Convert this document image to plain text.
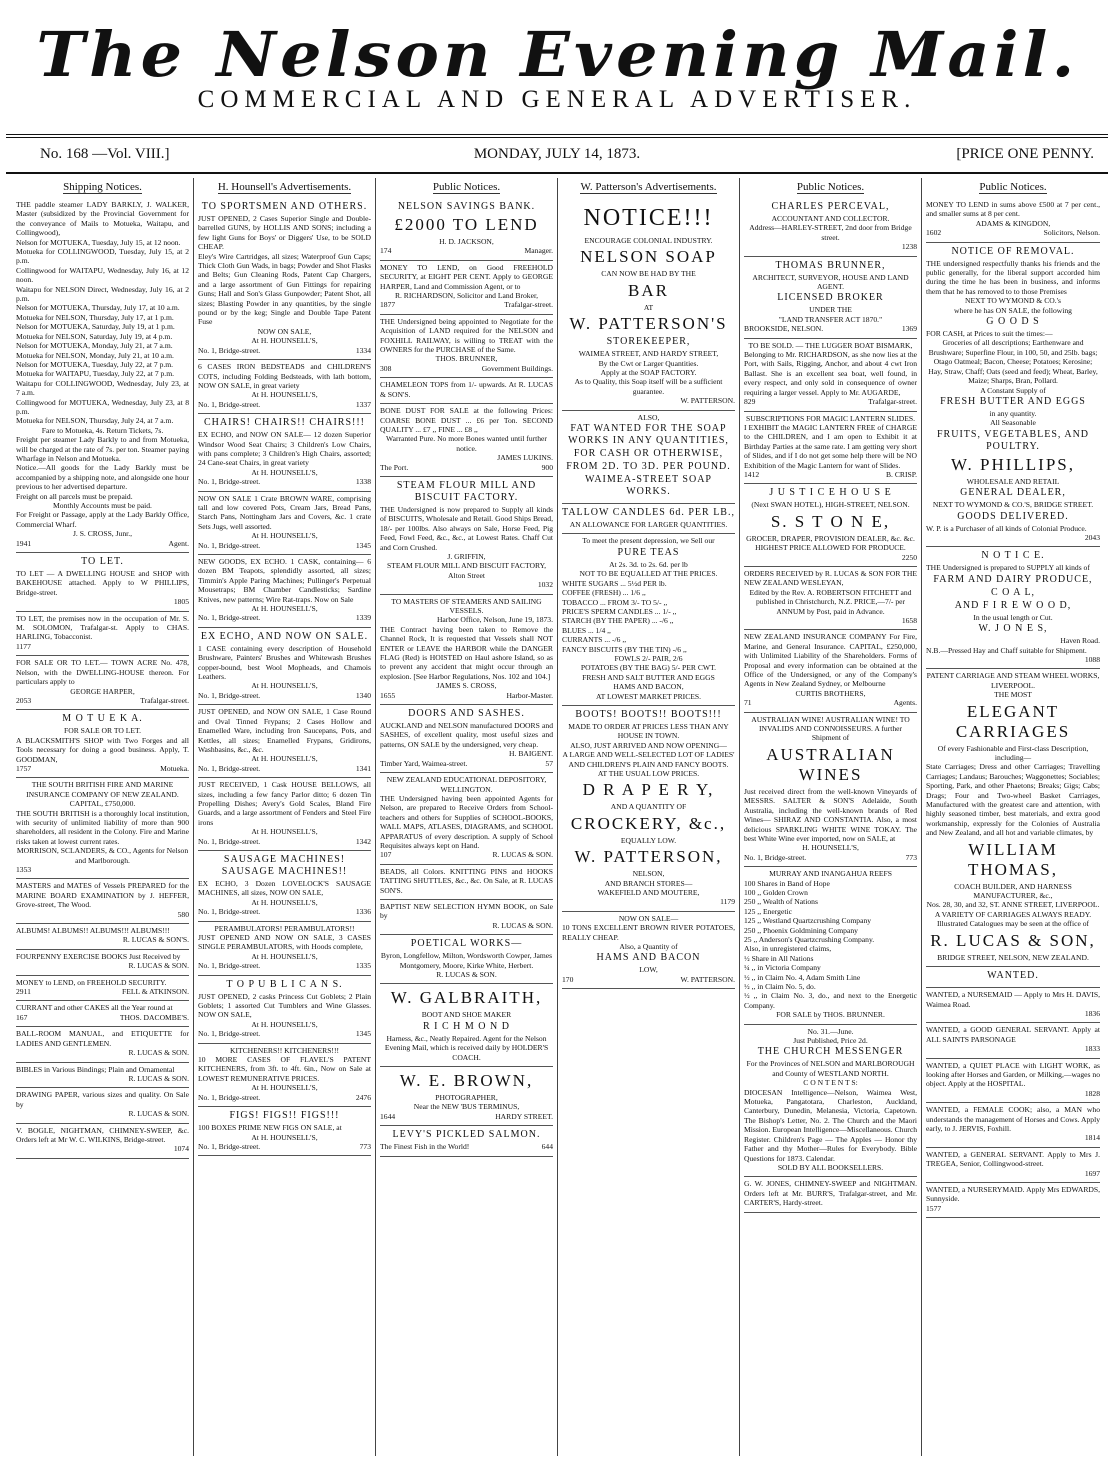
The Nelson Evening Mail.
COMMERCIAL AND GENERAL ADVERTISER.
No. 168 —Vol. VIII.]	MONDAY, JULY 14, 1873.	[PRICE ONE PENNY.
Shipping Notices.

THE paddle steamer LADY BARKLY, J. WALKER, Master (subsidized by the Provincial Government for the conveyance of Mails to Motueka, Waitapu, and Collingwood),

Nelson for MOTUEKA, Tuesday, July 15, at 12 noon.

Motueka for COLLINGWOOD, Tuesday, July 15, at 2 p.m.

Collingwood for WAITAPU, Wednesday, July 16, at 12 noon.

Waitapu for NELSON Direct, Wednesday, July 16, at 2 p.m.

Nelson for MOTUEKA, Thursday, July 17, at 10 a.m.

Motueka for NELSON, Thursday, July 17, at 1 p.m.

Nelson for MOTUEKA, Saturday, July 19, at 1 p.m.

Motueka for NELSON, Saturday, July 19, at 4 p.m.

Nelson for MOTUEKA, Monday, July 21, at 7 a.m.

Motueka for NELSON, Monday, July 21, at 10 a.m.

Nelson for MOTUEKA, Tuesday, July 22, at 7 p.m.

Motueka for WAITAPU, Tuesday, July 22, at 7 p.m.

Waitapu for COLLINGWOOD, Wednesday, July 23, at 7 a.m.

Collingwood for MOTUEKA, Wednesday, July 23, at 8 p.m.

Motueka for NELSON, Thursday, July 24, at 7 a.m.

Fare to Motueka, 4s. Return Tickets, 7s.

Freight per steamer Lady Barkly to and from Motueka, will be charged at the rate of 7s. per ton. Steamer paying Wharfage in Nelson and Motueka.

Notice.—All goods for the Lady Barkly must be accompanied by a shipping note, and alongside one hour previous to her advertised departure.

Freight on all parcels must be prepaid.

Monthly Accounts must be paid.

For Freight or Passage, apply at the Lady Barkly Office, Commercial Wharf.

J. S. CROSS, Junr.,

1941	Agent.
TO LET.

TO LET — A DWELLING HOUSE and SHOP with BAKEHOUSE attached. Apply to W PHILLIPS, Bridge-street.

1805

TO LET, the premises now in the occupation of Mr. S. M. SOLOMON, Trafalgar-st. Apply to CHAS. HARLING, Tobacconist.

1177

FOR SALE OR TO LET.— TOWN ACRE No. 478, Nelson, with the DWELLING-HOUSE thereon. For particulars apply to

GEORGE HARPER,

2053	Trafalgar-street.
M O T U E K A.

FOR SALE OR TO LET.

A BLACKSMITH'S SHOP with Two Forges and all Tools necessary for doing a good business. Apply, T. GOODMAN,

1757	Motueka.

THE SOUTH BRITISH FIRE AND MARINE INSURANCE COMPANY OF NEW ZEALAND.

CAPITAL, £750,000.

THE SOUTH BRITISH is a thoroughly local institution, with security of unlimited liability of more than 900 shareholders, all resident in the Colony. Fire and Marine risks taken at lowest current rates.

MORRISON, SCLANDERS, & CO., Agents for Nelson and Marlborough.

1353

MASTERS and MATES of Vessels PREPARED for the MARINE BOARD EXAMINATION by J. HEFFER, Grove-street, The Wood.

580

ALBUMS! ALBUMS!! ALBUMS!!! ALBUMS!!!

R. LUCAS & SON'S.

FOURPENNY EXERCISE BOOKS Just Received by

R. LUCAS & SON.

MONEY to LEND, on FREEHOLD SECURITY.

2911	FELL & ATKINSON.

CURRANT and other CAKES all the Year round at

167	THOS. DACOMBE'S.

BALL-ROOM MANUAL, and ETIQUETTE for LADIES AND GENTLEMEN.

R. LUCAS & SON.

BIBLES in Various Bindings; Plain and Ornamental

R. LUCAS & SON.

DRAWING PAPER, various sizes and quality. On Sale by

R. LUCAS & SON.

V. BOGLE, NIGHTMAN, CHIMNEY-SWEEP, &c. Orders left at Mr W. C. WILKINS, Bridge-street.

1074

H. Hounsell's Advertisements.
TO SPORTSMEN AND OTHERS.

JUST OPENED, 2 Cases Superior Single and Double-barrelled GUNS, by HOLLIS AND SONS; including a few light Guns for Boys' or Diggers' Use, to be SOLD CHEAP.

Eley's Wire Cartridges, all sizes; Waterproof Gun Caps; Thick Cloth Gun Wads, in bags; Powder and Shot Flasks and Belts; Gun Cleaning Rods, Patent Cap Chargers, and a large assortment of Gun Fittings for repairing Guns; Hall and Son's Glass Gunpowder; Patent Shot, all sizes; Blasting Powder in any quantities, by the single pound or by the keg; Single and Double Tape Patent Fuse

NOW ON SALE,

At H. HOUNSELL'S,

No. 1, Bridge-street.	1334

6 CASES IRON BEDSTEADS and CHILDREN'S COTS, including Folding Bedsteads, with lath bottom, NOW ON SALE, in great variety

At H. HOUNSELL'S,

No. 1, Bridge-street.	1337
CHAIRS! CHAIRS!! CHAIRS!!!

EX ECHO, and NOW ON SALE— 12 dozen Superior Windsor Wood Seat Chairs; 3 Children's Low Chairs, with pans complete; 3 Children's High Chairs, assorted; 24 Cane-seat Chairs, in great variety

At H. HOUNSELL'S,

No. 1, Bridge-street.	1338

NOW ON SALE 1 Crate BROWN WARE, comprising tall and low covered Pots, Cream Jars, Bread Pans, Starch Pans, Nottingham Jars and Covers, &c. 1 crate Sets Jugs, well assorted.

At H. HOUNSELL'S,

No. 1, Bridge-street.	1345

NEW GOODS, EX ECHO. 1 CASK, containing— 6 dozen BM Teapots, splendidly assorted, all sizes; Timmin's Apple Paring Machines; Pullinger's Perpetual Mousetraps; BM Chamber Candlesticks; Sardine Knives, new patterns; Wire Rat-traps. Now on Sale

At H. HOUNSELL'S,

No. 1, Bridge-street.	1339
EX ECHO, AND NOW ON SALE.

1 CASE containing every description of Household Brushware, Painters' Brushes and Whitewash Brushes copper-bound, best Wool Mopheads, and Chamois Leathers.

At H. HOUNSELL'S,

No. 1, Bridge-street.	1340

JUST OPENED, and NOW ON SALE, 1 Case Round and Oval Tinned Frypans; 2 Cases Hollow and Enamelled Ware, including Iron Saucepans, Pots, and Kettles, all sizes; Enamelled Frypans, Gridirons, Washbasins, &c., &c.

At H. HOUNSELL'S,

No. 1, Bridge-street.	1341

JUST RECEIVED, 1 Cask HOUSE BELLOWS, all sizes, including a few fancy Parlor ditto; 6 dozen Tin Propelling Dishes; Avery's Gold Scales, Bland Fire Guards, and a large assortment of Fenders and Steel Fire irons

At H. HOUNSELL'S,

No. 1, Bridge-street.	1342
SAUSAGE MACHINES! SAUSAGE MACHINES!!

EX ECHO, 3 Dozen LOVELOCK'S SAUSAGE MACHINES, all sizes, NOW ON SALE,

At H. HOUNSELL'S,

No. 1, Bridge-street.	1336

PERAMBULATORS! PERAMBULATORS!!

JUST OPENED AND NOW ON SALE, 3 CASES SINGLE PERAMBULATORS, with Hoods complete,

At H. HOUNSELL'S,

No. 1, Bridge-street.	1335
T O P U B L I C A N S.

JUST OPENED, 2 casks Princess Cut Goblets; 2 Plain Goblets; 1 assorted Cut Tumblers and Wine Glasses. NOW ON SALE,

At H. HOUNSELL'S,

No. 1, Bridge-street.	1345

KITCHENERS!! KITCHENERS!!!

10 MORE CASES OF FLAVEL'S PATENT KITCHENERS, from 3ft. to 4ft. 6in., Now on Sale at LOWEST REMUNERATIVE PRICES.

At H. HOUNSELL'S,

No. 1, Bridge-street.	2476
FIGS! FIGS!! FIGS!!!

100 BOXES PRIME NEW FIGS ON SALE, at

At H. HOUNSELL'S,

No. 1, Bridge-street.	773
Public Notices.
NELSON SAVINGS BANK.
£2000 TO LEND

H. D. JACKSON,

174	Manager.

MONEY TO LEND, on Good FREEHOLD SECURITY, at EIGHT PER CENT. Apply to GEORGE HARPER, Land and Commission Agent, or to

R. RICHARDSON, Solicitor and Land Broker,

1877	Trafalgar-street.

THE Undersigned being appointed to Negotiate for the Acquisition of LAND required for the NELSON and FOXHILL RAILWAY, is willing to TREAT with the OWNERS for the PURCHASE of the Same.

THOS. BRUNNER,

308	Government Buildings.

CHAMELEON TOPS from 1/- upwards. At R. LUCAS & SON'S.

BONE DUST FOR SALE at the following Prices: COARSE BONE DUST ... £6 per Ton. SECOND QUALITY ... £7 ,, FINE ... £8 ,,

Warranted Pure. No more Bones wanted until further notice.

JAMES LUKINS.

The Port.	900
STEAM FLOUR MILL AND BISCUIT FACTORY.

THE Undersigned is now prepared to Supply all kinds of BISCUITS, Wholesale and Retail. Good Ships Bread, 18/- per 100lbs. Also always on Sale, Horse Feed, Pig Feed, Fowl Feed, &c., &c., at Lowest Rates. Chaff Cut and Corn Crushed.

J. GRIFFIN,

STEAM FLOUR MILL AND BISCUIT FACTORY, Alton Street

1032

TO MASTERS OF STEAMERS AND SAILING VESSELS.

Harbor Office, Nelson, June 19, 1873.

THE Contract having been taken to Remove the Channel Rock, It is requested that Vessels shall NOT ENTER or LEAVE the HARBOR while the DANGER FLAG (Red) is HOISTED on Haul ashore Island, so as to prevent any accident that might occur through an explosion. [See Harbor Regulations, Nos. 102 and 104.]

JAMES S. CROSS,

1655	Harbor-Master.
DOORS AND SASHES.

AUCKLAND and NELSON manufactured DOORS and SASHES, of excellent quality, most useful sizes and patterns, ON SALE by the undersigned, very cheap.

H. BAIGENT.

Timber Yard, Waimea-street.	57

NEW ZEALAND EDUCATIONAL DEPOSITORY, WELLINGTON.

THE Undersigned having been appointed Agents for Nelson, are prepared to Receive Orders from School-teachers and others for Supplies of SCHOOL-BOOKS, WALL MAPS, ATLASES, DIAGRAMS, and SCHOOL APPARATUS of every description. A supply of School Requisites always kept on Hand.

107	R. LUCAS & SON.

BEADS, all Colors. KNITTING PINS and HOOKS TATTING SHUTTLES, &c., &c. On Sale, at R. LUCAS SON'S.

BAPTIST NEW SELECTION HYMN BOOK, on Sale by

R. LUCAS & SON.

POETICAL WORKS—

Byron, Longfellow, Milton, Wordsworth Cowper, James Montgomery, Moore, Kirke White, Herbert.

R. LUCAS & SON.

W. GALBRAITH,

BOOT AND SHOE MAKER

R I C H M O N D

Harness, &c., Neatly Repaired. Agent for the Nelson Evening Mail, which is received daily by HOLDER'S COACH.

W. E. BROWN,

PHOTOGRAPHER,

Near the NEW 'BUS TERMINUS,

1644	HARDY STREET.
LEVY'S PICKLED SALMON.
The Finest Fish in the World!	644
W. Patterson's Advertisements.
NOTICE!!!

ENCOURAGE COLONIAL INDUSTRY.

NELSON SOAP

CAN NOW BE HAD BY THE

BAR

AT

W. PATTERSON'S
STOREKEEPER,

WAIMEA STREET, AND HARDY STREET,

By the Cwt or Larger Quantities.

Apply at the SOAP FACTORY.

As to Quality, this Soap itself will be a sufficient guarantee.

W. PATTERSON.

ALSO,

FAT WANTED FOR THE SOAP WORKS IN ANY QUANTITIES,
FOR CASH OR OTHERWISE,
FROM 2D. TO 3D. PER POUND.
WAIMEA-STREET SOAP WORKS.
TALLOW CANDLES 6d. PER LB.,

AN ALLOWANCE FOR LARGER QUANTITIES.

To meet the present depression, we Sell our

PURE TEAS

At 2s. 3d. to 2s. 6d. per lb

NOT TO BE EQUALLED AT THE PRICES.

WHITE SUGARS ... 5½d PER lb.

COFFEE (FRESH) ... 1/6 ,,

TOBACCO ... FROM 3/- TO 5/- ,,

PRICE'S SPERM CANDLES ... 1/- ,,

STARCH (BY THE PAPER) ... -/6 ,,

BLUES ... 1/4 ,,

CURRANTS ... -/6 ,,

FANCY BISCUITS (BY THE TIN) -/6 ,,

FOWLS 2/- PAIR, 2/6

POTATOES (BY THE BAG) 5/- PER CWT.

FRESH AND SALT BUTTER AND EGGS

HAMS AND BACON,

AT LOWEST MARKET PRICES.

BOOTS! BOOTS!! BOOTS!!!

MADE TO ORDER AT PRICES LESS THAN ANY HOUSE IN TOWN.

ALSO, JUST ARRIVED AND NOW OPENING—

A LARGE AND WELL-SELECTED LOT OF LADIES' AND CHILDREN'S PLAIN AND FANCY BOOTS.

AT THE USUAL LOW PRICES.

D R A P E R Y,

AND A QUANTITY OF

CROCKERY, &c.,

EQUALLY LOW.

W. PATTERSON,

NELSON,

AND BRANCH STORES—

WAKEFIELD AND MOUTERE,

1179

NOW ON SALE—

10 TONS EXCELLENT BROWN RIVER POTATOES, REALLY CHEAP.

Also, a Quantity of

HAMS AND BACON

LOW,

170	W. PATTERSON.
Public Notices.
CHARLES PERCEVAL,

ACCOUNTANT AND COLLECTOR.

Address—HARLEY-STREET, 2nd door from Bridge street.

1238

THOMAS BRUNNER,

ARCHITECT, SURVEYOR, HOUSE AND LAND AGENT.

LICENSED BROKER

UNDER THE

"LAND TRANSFER ACT 1870."

BROOKSIDE, NELSON.	1369

TO BE SOLD. — THE LUGGER BOAT BISMARK,

Belonging to Mr. RICHARDSON, as she now lies at the Port, with Sails, Rigging, Anchor, and about 4 cwt Iron Ballast. She is an excellent sea boat, well found, in every respect, and only sold in consequence of owner requiring a larger vessel. Apply to Mr. AUGARDE,

829	Trafalgar-street.

SUBSCRIPTIONS FOR MAGIC LANTERN SLIDES.

I EXHIBIT the MAGIC LANTERN FREE of CHARGE to the CHILDREN, and I am open to Exhibit it at Birthday Parties at the same rate. I am getting very short of Slides, and if I do not get some help there will be NO Exhibition of the Magic Lantern for want of Slides.

1412	B. CRISP.
J U S T I C E H O U S E

(Next SWAN HOTEL), HIGH-STREET, NELSON.

S. S T O N E,

GROCER, DRAPER, PROVISION DEALER, &c. &c.

HIGHEST PRICE ALLOWED FOR PRODUCE.

2250

ORDERS RECEIVED by R. LUCAS & SON FOR THE NEW ZEALAND WESLEYAN,

Edited by the Rev. A. ROBERTSON FITCHETT and published in Christchurch, N.Z. PRICE,—7/- per ANNUM by Post, paid in Advance.

1658

NEW ZEALAND INSURANCE COMPANY For Fire, Marine, and General Insurance. CAPITAL, £250,000, with Unlimited Liability of the Shareholders. Forms of Proposal and every information can be obtained at the Office of the Undersigned, or any of the Company's Agents in New Zealand Sydney, or Melbourne

CURTIS BROTHERS,

71	Agents.

AUSTRALIAN WINE! AUSTRALIAN WINE! TO INVALIDS AND CONNOISSEURS. A further Shipment of

AUSTRALIAN WINES

Just received direct from the well-known Vineyards of MESSRS. SALTER & SON'S Adelaide, South Australia, including the well-known brands of Red Wines— SHIRAZ AND CONSTANTIA. Also, a most delicious SPARKLING WHITE WINE TOKAY. The best White Wine ever imported, now on SALE, at

H. HOUNSELL'S,

No. 1, Bridge-street.	773

MURRAY AND INANGAHUA REEFS

100 Shares in Band of Hope

100 ,, Golden Crown

250 ,, Wealth of Nations

125 ,, Energetic

125 ,, Westland Quartzcrushing Company

250 ,, Phoenix Goldmining Company

25 ,, Anderson's Quartzcrushing Company.

Also, in unregistered claims,

½ Share in All Nations

¼ ,, in Victoria Company

½ ,, in Claim No. 4, Adam Smith Line

½ ,, in Claim No. 5, do.

½ ,, in Claim No. 3, do., and next to the Energetic Company.

FOR SALE by THOS. BRUNNER.

No. 31.—June.

Just Published, Price 2d.

THE CHURCH MESSENGER

For the Provinces of NELSON and MARLBOROUGH and County of WESTLAND NORTH.

C O N T E N T S:

DIOCESAN Intelligence—Nelson, Waimea West, Motueka, Pangatotara, Charleston, Auckland, Canterbury, Dunedin, Melanesia, Victoria, Capetown. The Bishop's Letter, No. 2. The Church and the Maori Mission. European Intelligence—Miscellaneous. Church Register. Children's Page — The Apples — Honor thy Father and thy Mother—Rules for Everybody. Bible Questions for 1873. Calendar.

SOLD BY ALL BOOKSELLERS.

G. W. JONES, CHIMNEY-SWEEP and NIGHTMAN. Orders left at Mr. BURR'S, Trafalgar-street, and Mr. CARTER'S, Hardy-street.

Public Notices.

MONEY TO LEND in sums above £500 at 7 per cent., and smaller sums at 8 per cent.

ADAMS & KINGDON,

1602	Solicitors, Nelson.
NOTICE OF REMOVAL.

THE undersigned respectfully thanks his friends and the public generally, for the liberal support accorded him during the time he has been in business, and informs them that he has removed to to those Premises

NEXT TO WYMOND & CO.'s

where he has ON SALE, the following

G O O D S

FOR CASH, at Prices to suit the times:—

Groceries of all descriptions; Earthenware and Brushware; Superfine Flour, in 100, 50, and 25lb. bags; Otago Oatmeal; Bacon, Cheese; Potatoes; Kerosine; Hay, Straw, Chaff; Oats (seed and feed); Wheat, Barley, Maize; Sharps, Bran, Pollard.

A Constant Supply of

FRESH BUTTER AND EGGS

in any quantity.

All Seasonable

FRUITS, VEGETABLES, AND POULTRY.
W. PHILLIPS,

WHOLESALE AND RETAIL

GENERAL DEALER,

NEXT TO WYMOND & CO.'S, BRIDGE STREET.

GOODS DELIVERED.

W. P. is a Purchaser of all kinds of Colonial Produce.

2043

N O T I C E.

THE Undersigned is prepared to SUPPLY all kinds of

FARM AND DAIRY PRODUCE,
C O A L,
AND F I R E W O O D,

In the usual length or Cut.

W. J O N E S,

Haven Road.

N.B.—Pressed Hay and Chaff suitable for Shipment.

1088

PATENT CARRIAGE AND STEAM WHEEL WORKS, LIVERPOOL.

THE MOST

ELEGANT CARRIAGES

Of every Fashionable and First-class Description, including—

State Carriages; Dress and other Carriages; Travelling Carriages; Landaus; Barouches; Waggonettes; Sociables; Sporting, Park, and other Phaetons; Breaks; Gigs; Cabs; Drags; Four and Two-wheel Basket Carriages, Manufactured with the greatest care and attention, with highly seasoned timber, best materials, and extra good workmanship, expressly for the Colonies of Australia and New Zealand, and all hot and variable climates, by

WILLIAM THOMAS,

COACH BUILDER, AND HARNESS MANUFACTURER, &c.,

Nos. 28, 30, and 32, ST. ANNE STREET, LIVERPOOL.

A VARIETY OF CARRIAGES ALWAYS READY.

Illustrated Catalogues may be seen at the office of

R. LUCAS & SON,

BRIDGE STREET, NELSON, NEW ZEALAND.

WANTED.

WANTED, a NURSEMAID — Apply to Mrs H. DAVIS, Waimea Road.

1836

WANTED, a GOOD GENERAL SERVANT. Apply at ALL SAINTS PARSONAGE

1833

WANTED, a QUIET PLACE with LIGHT WORK, as looking after Horses and Garden, or Milking,—wages no object. Apply at the HOSPITAL.

1828

WANTED, a FEMALE COOK; also, a MAN who understands the management of Horses and Cows. Apply early, to J. JERVIS, Foxhill.

1814

WANTED, a GENERAL SERVANT. Apply to Mrs J. TREGEA, Senior, Collingwood-street.

1697

WANTED, a NURSERYMAID. Apply Mrs EDWARDS, Sunnyside.

1577
